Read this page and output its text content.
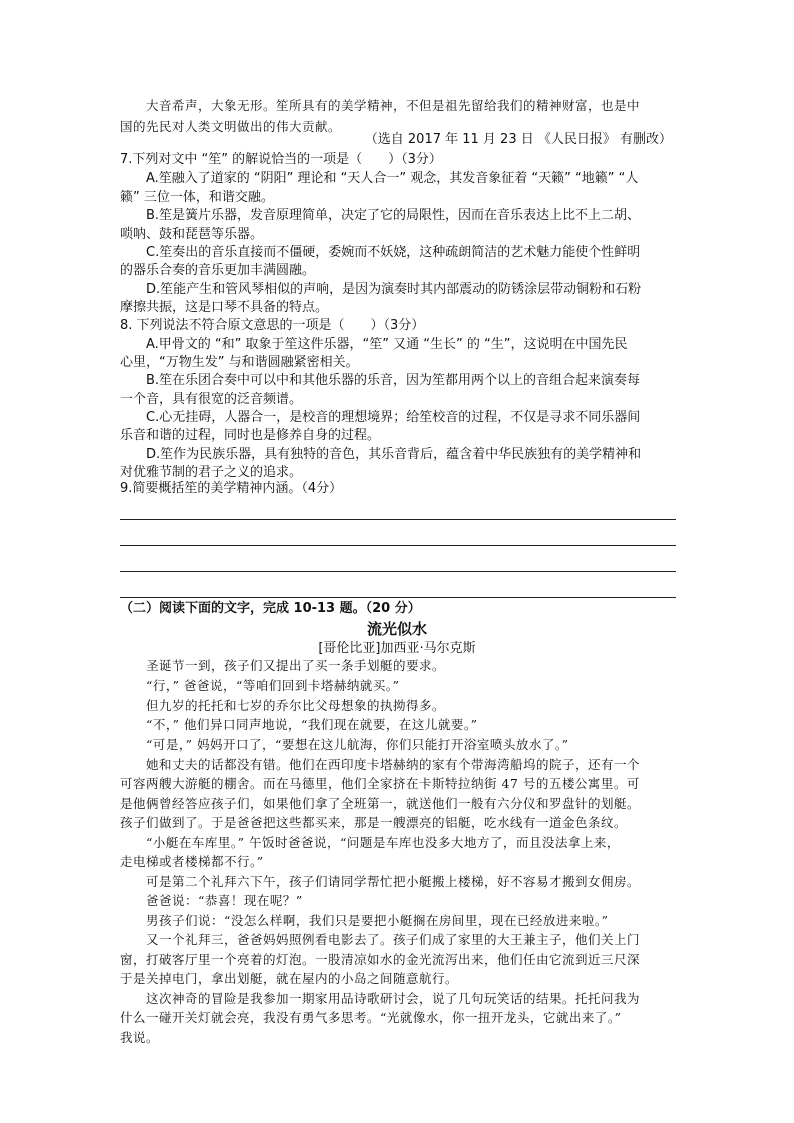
大音希声，大象无形。笙所具有的美学精神，不但是祖先留给我们的精神财富，也是中
国的先民对人类文明做出的伟大贡献。
（选自 2017 年 11 月 23 日 《人民日报》 有删改）
7.下列对文中 “笙” 的解说恰当的一项是（　　）（3分）
A.笙融入了道家的 “阴阳” 理论和 “天人合一” 观念，其发音象征着 “天籁” “地籁” “人
籁” 三位一体，和谐交融。
B.笙是簧片乐器，发音原理简单，决定了它的局限性，因而在音乐表达上比不上二胡、
唢呐、鼓和琵琶等乐器。
C.笙奏出的音乐直接而不僵硬，委婉而不妖娆，这种疏朗简洁的艺术魅力能使个性鲜明
的器乐合奏的音乐更加丰满圆融。
D.笙能产生和管风琴相似的声响，是因为演奏时其内部震动的防锈涂层带动铜粉和石粉
摩擦共振，这是口琴不具备的特点。
8. 下列说法不符合原文意思的一项是（　　）（3分）
A.甲骨文的 “和” 取象于笙这件乐器，“笙” 又通 “生长” 的 “生”，这说明在中国先民
心里，“万物生发” 与和谐圆融紧密相关。
B.笙在乐团合奏中可以中和其他乐器的乐音，因为笙都用两个以上的音组合起来演奏每
一个音，具有很宽的泛音频谱。
C.心无挂碍，人器合一，是校音的理想境界；给笙校音的过程，不仅是寻求不同乐器间
乐音和谐的过程，同时也是修养自身的过程。
D.笙作为民族乐器，具有独特的音色，其乐音背后，蕴含着中华民族独有的美学精神和
对优雅节制的君子之义的追求。
9.简要概括笙的美学精神内涵。（4分）
（二）阅读下面的文字，完成 10-13 题。（20 分）
流光似水
[哥伦比亚]加西亚·马尔克斯
圣诞节一到，孩子们又提出了买一条手划艇的要求。
“行，” 爸爸说，“等咱们回到卡塔赫纳就买。”
但九岁的托托和七岁的乔尔比父母想象的执拗得多。
“不，” 他们异口同声地说，“我们现在就要，在这儿就要。”
“可是，” 妈妈开口了，“要想在这儿航海，你们只能打开浴室喷头放水了。”
她和丈夫的话都没有错。他们在西印度卡塔赫纳的家有个带海湾船坞的院子，还有一个
可容两艘大游艇的棚舍。而在马德里，他们全家挤在卡斯特拉纳街 47 号的五楼公寓里。可
是他俩曾经答应孩子们，如果他们拿了全班第一，就送他们一般有六分仪和罗盘针的划艇。
孩子们做到了。于是爸爸把这些都买来，那是一艘漂亮的铝艇，吃水线有一道金色条纹。
“小艇在车库里。” 午饭时爸爸说，“问题是车库也没多大地方了，而且没法拿上来，
走电梯或者楼梯都不行。”
可是第二个礼拜六下午，孩子们请同学帮忙把小艇搬上楼梯，好不容易才搬到女佣房。
爸爸说：“恭喜！现在呢？”
男孩子们说：“没怎么样啊，我们只是要把小艇搁在房间里，现在已经放进来啦。”
又一个礼拜三，爸爸妈妈照例看电影去了。孩子们成了家里的大王兼主子，他们关上门
窗，打破客厅里一个亮着的灯泡。一股清凉如水的金光流泻出来，他们任由它流到近三尺深
于是关掉电门，拿出划艇，就在屋内的小岛之间随意航行。
这次神奇的冒险是我参加一期家用品诗歌研讨会，说了几句玩笑话的结果。托托问我为
什么一碰开关灯就会亮，我没有勇气多思考。“光就像水，你一扭开龙头，它就出来了。”
我说。
